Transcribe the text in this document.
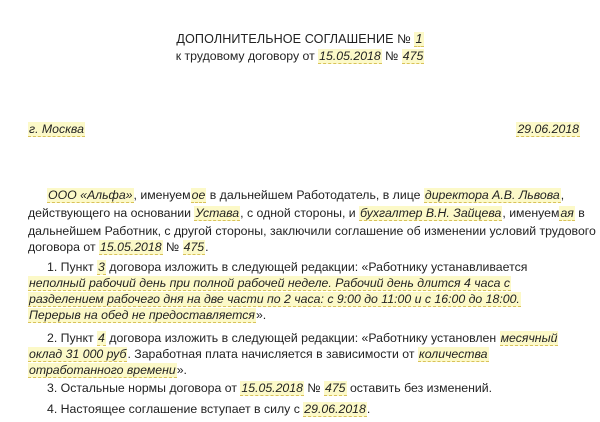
ДОПОЛНИТЕЛЬНОЕ СОГЛАШЕНИЕ № 1
к трудовому договору от 15.05.2018 № 475
г. Москва	29.06.2018
ООО «Альфа», именуемое в дальнейшем Работодатель, в лице директора А.В. Львова,
действующего на основании Устава, с одной стороны, и бухгалтер В.Н. Зайцева, именуемая в
дальнейшем Работник, с другой стороны, заключили соглашение об изменении условий трудового
договора от 15.05.2018 № 475.
1. Пункт 3 договора изложить в следующей редакции: «Работнику устанавливается
неполный рабочий день при полной рабочей неделе. Рабочий день длится 4 часа с
разделением рабочего дня на две части по 2 часа: с 9:00 до 11:00 и с 16:00 до 18:00.
Перерыв на обед не предоставляется».
2. Пункт 4 договора изложить в следующей редакции: «Работнику установлен месячный
оклад 31 000 руб. Заработная плата начисляется в зависимости от количества
отработанного времени».
3. Остальные нормы договора от 15.05.2018 № 475 оставить без изменений.
4. Настоящее соглашение вступает в силу с 29.06.2018.
